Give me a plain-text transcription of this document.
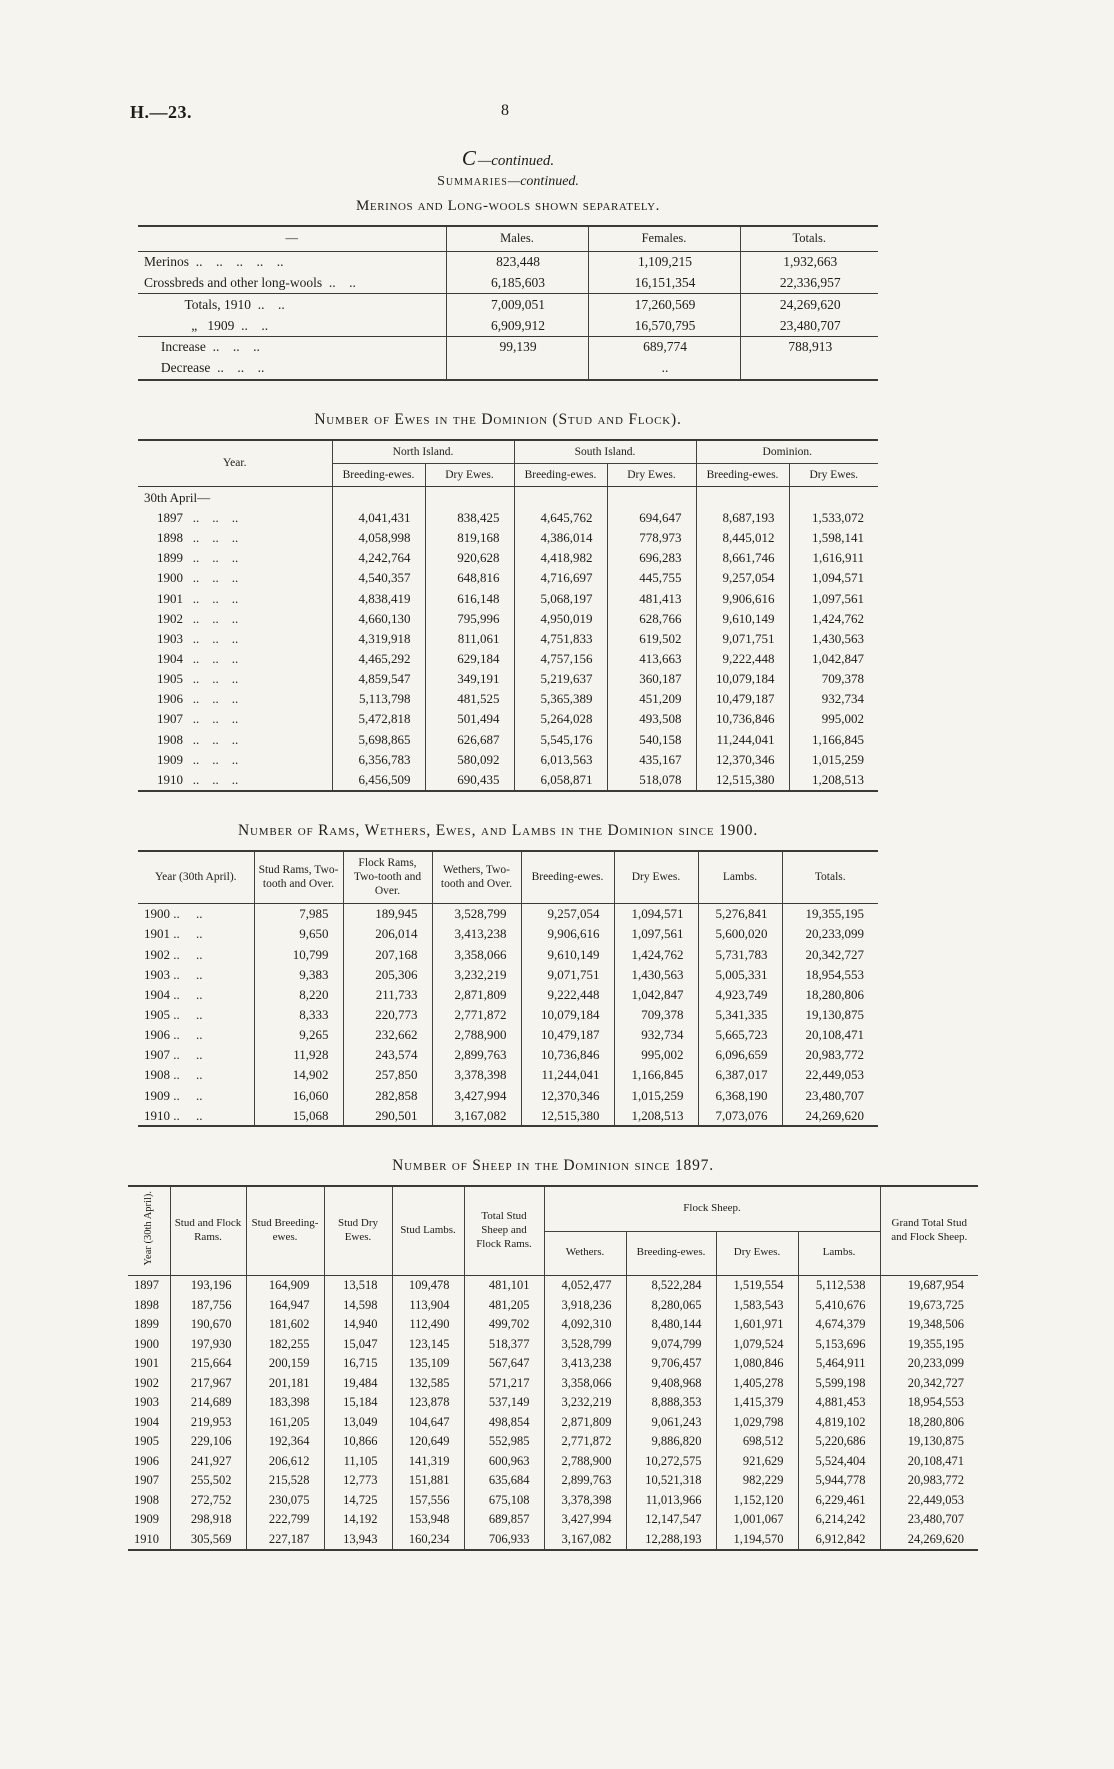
H.—23.	8
C —continued.
Summaries—continued.
Merinos and Long-wools shown separately.
—	Males.	Females.	Totals.
Merinos  ..    ..    ..    ..    ..	823,448	1,109,215	1,932,663
Crossbreds and other long-wools  ..    ..	6,185,603	16,151,354	22,336,957
Totals, 1910  ..    ..	7,009,051	17,260,569	24,269,620
„   1909  ..    ..	6,909,912	16,570,795	23,480,707
Increase  ..    ..    ..	99,139	689,774	788,913
Decrease  ..    ..    ..		..	
Number of Ewes in the Dominion (Stud and Flock).
Year.	North Island.		South Island.		Dominion.	
	Breeding-ewes.	Dry Ewes.	Breeding-ewes.	Dry Ewes.	Breeding-ewes.	Dry Ewes.
30th April—						
1897   ..    ..    ..	4,041,431	838,425	4,645,762	694,647	8,687,193	1,533,072
1898   ..    ..    ..	4,058,998	819,168	4,386,014	778,973	8,445,012	1,598,141
1899   ..    ..    ..	4,242,764	920,628	4,418,982	696,283	8,661,746	1,616,911
1900   ..    ..    ..	4,540,357	648,816	4,716,697	445,755	9,257,054	1,094,571
1901   ..    ..    ..	4,838,419	616,148	5,068,197	481,413	9,906,616	1,097,561
1902   ..    ..    ..	4,660,130	795,996	4,950,019	628,766	9,610,149	1,424,762
1903   ..    ..    ..	4,319,918	811,061	4,751,833	619,502	9,071,751	1,430,563
1904   ..    ..    ..	4,465,292	629,184	4,757,156	413,663	9,222,448	1,042,847
1905   ..    ..    ..	4,859,547	349,191	5,219,637	360,187	10,079,184	709,378
1906   ..    ..    ..	5,113,798	481,525	5,365,389	451,209	10,479,187	932,734
1907   ..    ..    ..	5,472,818	501,494	5,264,028	493,508	10,736,846	995,002
1908   ..    ..    ..	5,698,865	626,687	5,545,176	540,158	11,244,041	1,166,845
1909   ..    ..    ..	6,356,783	580,092	6,013,563	435,167	12,370,346	1,015,259
1910   ..    ..    ..	6,456,509	690,435	6,058,871	518,078	12,515,380	1,208,513
Number of Rams, Wethers, Ewes, and Lambs in the Dominion since 1900.
Year (30th April).	Stud Rams, Two-tooth and Over.	Flock Rams, Two-tooth and Over.	Wethers, Two-tooth and Over.	Breeding-ewes.	Dry Ewes.	Lambs.	Totals.
1900 ..     ..	7,985	189,945	3,528,799	9,257,054	1,094,571	5,276,841	19,355,195
1901 ..     ..	9,650	206,014	3,413,238	9,906,616	1,097,561	5,600,020	20,233,099
1902 ..     ..	10,799	207,168	3,358,066	9,610,149	1,424,762	5,731,783	20,342,727
1903 ..     ..	9,383	205,306	3,232,219	9,071,751	1,430,563	5,005,331	18,954,553
1904 ..     ..	8,220	211,733	2,871,809	9,222,448	1,042,847	4,923,749	18,280,806
1905 ..     ..	8,333	220,773	2,771,872	10,079,184	709,378	5,341,335	19,130,875
1906 ..     ..	9,265	232,662	2,788,900	10,479,187	932,734	5,665,723	20,108,471
1907 ..     ..	11,928	243,574	2,899,763	10,736,846	995,002	6,096,659	20,983,772
1908 ..     ..	14,902	257,850	3,378,398	11,244,041	1,166,845	6,387,017	22,449,053
1909 ..     ..	16,060	282,858	3,427,994	12,370,346	1,015,259	6,368,190	23,480,707
1910 ..     ..	15,068	290,501	3,167,082	12,515,380	1,208,513	7,073,076	24,269,620
Number of Sheep in the Dominion since 1897.
Year (30th April).	Stud and Flock Rams.	Stud Breeding-ewes.	Stud Dry Ewes.	Stud Lambs.	Total Stud Sheep and Flock Rams.	Flock Sheep.				Grand Total Stud and Flock Sheep.
						Wethers.	Breeding-ewes.	Dry Ewes.	Lambs.	
1897	193,196	164,909	13,518	109,478	481,101	4,052,477	8,522,284	1,519,554	5,112,538	19,687,954
1898	187,756	164,947	14,598	113,904	481,205	3,918,236	8,280,065	1,583,543	5,410,676	19,673,725
1899	190,670	181,602	14,940	112,490	499,702	4,092,310	8,480,144	1,601,971	4,674,379	19,348,506
1900	197,930	182,255	15,047	123,145	518,377	3,528,799	9,074,799	1,079,524	5,153,696	19,355,195
1901	215,664	200,159	16,715	135,109	567,647	3,413,238	9,706,457	1,080,846	5,464,911	20,233,099
1902	217,967	201,181	19,484	132,585	571,217	3,358,066	9,408,968	1,405,278	5,599,198	20,342,727
1903	214,689	183,398	15,184	123,878	537,149	3,232,219	8,888,353	1,415,379	4,881,453	18,954,553
1904	219,953	161,205	13,049	104,647	498,854	2,871,809	9,061,243	1,029,798	4,819,102	18,280,806
1905	229,106	192,364	10,866	120,649	552,985	2,771,872	9,886,820	698,512	5,220,686	19,130,875
1906	241,927	206,612	11,105	141,319	600,963	2,788,900	10,272,575	921,629	5,524,404	20,108,471
1907	255,502	215,528	12,773	151,881	635,684	2,899,763	10,521,318	982,229	5,944,778	20,983,772
1908	272,752	230,075	14,725	157,556	675,108	3,378,398	11,013,966	1,152,120	6,229,461	22,449,053
1909	298,918	222,799	14,192	153,948	689,857	3,427,994	12,147,547	1,001,067	6,214,242	23,480,707
1910	305,569	227,187	13,943	160,234	706,933	3,167,082	12,288,193	1,194,570	6,912,842	24,269,620
